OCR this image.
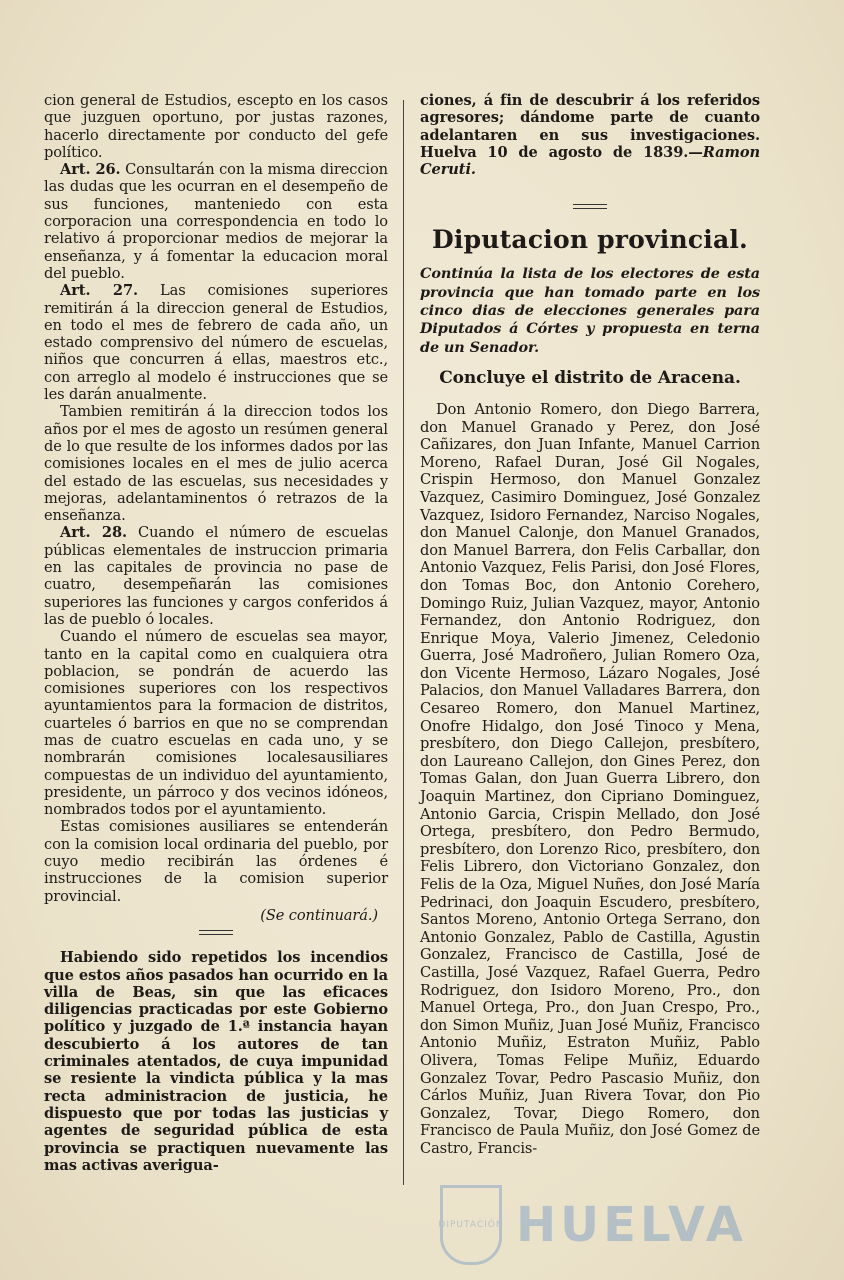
cion general de Estudios, escepto en los casos que juzguen oportuno, por justas razones, hacerlo directamente por conducto del gefe político.

Art. 26. Consultarán con la misma direccion las dudas que les ocurran en el desempeño de sus funciones, manteniedo con esta corporacion una correspondencia en todo lo relativo á proporcionar medios de mejorar la enseñanza, y á fomentar la educacion moral del pueblo.

Art. 27. Las comisiones superiores remitirán á la direccion general de Estudios, en todo el mes de febrero de cada año, un estado comprensivo del número de escuelas, niños que concurren á ellas, maestros etc., con arreglo al modelo é instrucciones que se les darán anualmente.

Tambien remitirán á la direccion todos los años por el mes de agosto un resúmen general de lo que resulte de los informes dados por las comisiones locales en el mes de julio acerca del estado de las escuelas, sus necesidades y mejoras, adelantaminentos ó retrazos de la enseñanza.

Art. 28. Cuando el número de escuelas públicas elementales de instruccion primaria en las capitales de provincia no pase de cuatro, desempeñarán las comisiones superiores las funciones y cargos conferidos á las de pueblo ó locales.

Cuando el número de escuelas sea mayor, tanto en la capital como en cualquiera otra poblacion, se pondrán de acuerdo las comisiones superiores con los respectivos ayuntamientos para la formacion de distritos, cuarteles ó barrios en que no se comprendan mas de cuatro escuelas en cada uno, y se nombrarán comisiones localesausiliares compuestas de un individuo del ayuntamiento, presidente, un párroco y dos vecinos idóneos, nombrados todos por el ayuntamiento.

Estas comisiones ausiliares se entenderán con la comision local ordinaria del pueblo, por cuyo medio recibirán las órdenes é instrucciones de la comision superior provincial.

(Se continuará.)

Habiendo sido repetidos los incendios que estos años pasados han ocurrido en la villa de Beas, sin que las eficaces diligencias practicadas por este Gobierno político y juzgado de 1.ª instancia hayan descubierto á los autores de tan criminales atentados, de cuya impunidad se resiente la vindicta pública y la mas recta administracion de justicia, he dispuesto que por todas las justicias y agentes de seguridad pública de esta provincia se practiquen nuevamente las mas activas averigua-

ciones, á fin de descubrir á los referidos agresores; dándome parte de cuanto adelantaren en sus investigaciones. Huelva 10 de agosto de 1839.—Ramon Ceruti.

Diputacion provincial.

Continúa la lista de los electores de esta provincia que han tomado parte en los cinco dias de elecciones generales para Diputados á Córtes y propuesta en terna de un Senador.

Concluye el distrito de Aracena.

Don Antonio Romero, don Diego Barrera, don Manuel Granado y Perez, don José Cañizares, don Juan Infante, Manuel Carrion Moreno, Rafael Duran, José Gil Nogales, Crispin Hermoso, don Manuel Gonzalez Vazquez, Casimiro Dominguez, José Gonzalez Vazquez, Isidoro Fernandez, Narciso Nogales, don Manuel Calonje, don Manuel Granados, don Manuel Barrera, don Felis Carballar, don Antonio Vazquez, Felis Parisi, don José Flores, don Tomas Boc, don Antonio Corehero, Domingo Ruiz, Julian Vazquez, mayor, Antonio Fernandez, don Antonio Rodriguez, don Enrique Moya, Valerio Jimenez, Celedonio Guerra, José Madroñero, Julian Romero Oza, don Vicente Hermoso, Lázaro Nogales, José Palacios, don Manuel Valladares Barrera, don Cesareo Romero, don Manuel Martinez, Onofre Hidalgo, don José Tinoco y Mena, presbítero, don Diego Callejon, presbítero, don Laureano Callejon, don Gines Perez, don Tomas Galan, don Juan Guerra Librero, don Joaquin Martinez, don Cipriano Dominguez, Antonio Garcia, Crispin Mellado, don José Ortega, presbítero, don Pedro Bermudo, presbítero, don Lorenzo Rico, presbítero, don Felis Librero, don Victoriano Gonzalez, don Felis de la Oza, Miguel Nuñes, don José María Pedrinaci, don Joaquin Escudero, presbítero, Santos Moreno, Antonio Ortega Serrano, don Antonio Gonzalez, Pablo de Castilla, Agustin Gonzalez, Francisco de Castilla, José de Castilla, José Vazquez, Rafael Guerra, Pedro Rodriguez, don Isidoro Moreno, Pro., don Manuel Ortega, Pro., don Juan Crespo, Pro., don Simon Muñiz, Juan José Muñiz, Francisco Antonio Muñiz, Estraton Muñiz, Pablo Olivera, Tomas Felipe Muñiz, Eduardo Gonzalez Tovar, Pedro Pascasio Muñiz, don Cárlos Muñiz, Juan Rivera Tovar, don Pio Gonzalez, Tovar, Diego Romero, don Francisco de Paula Muñiz, don José Gomez de Castro, Francis-

DIPUTACIÓN HUELVA
